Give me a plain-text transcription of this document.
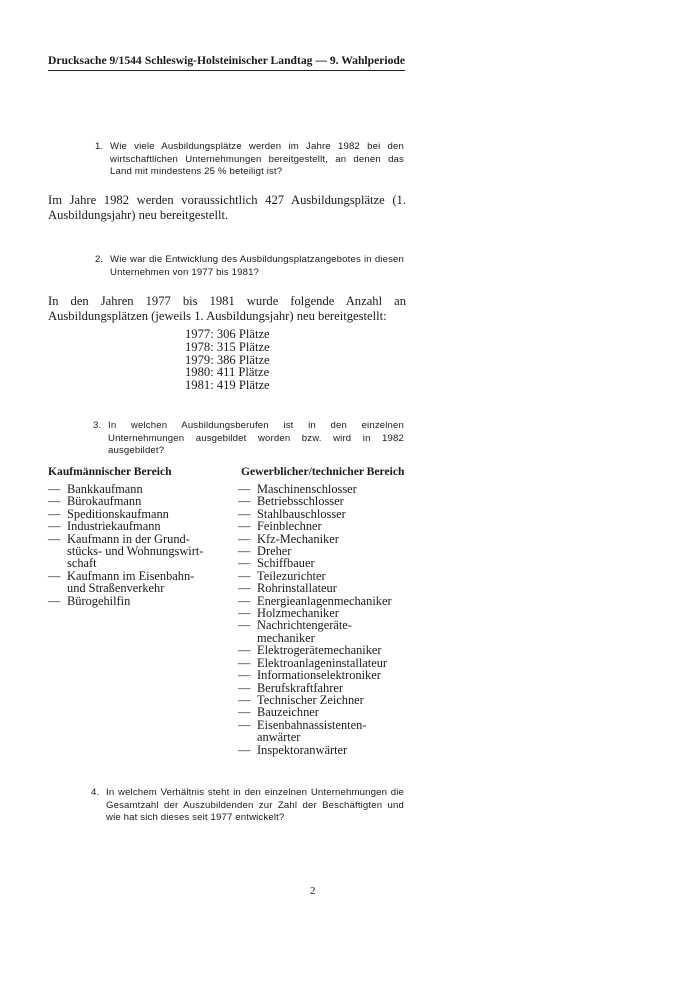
Drucksache 9/1544 Schleswig-Holsteinischer Landtag — 9. Wahlperiode
1. Wie viele Ausbildungsplätze werden im Jahre 1982 bei den wirtschaftlichen Unternehmungen bereitgestellt, an denen das Land mit mindestens 25 % beteiligt ist?
Im Jahre 1982 werden voraussichtlich 427 Ausbildungsplätze (1. Ausbildungsjahr) neu bereitgestellt.
2. Wie war die Entwicklung des Ausbildungsplatzangebotes in diesen Unternehmen von 1977 bis 1981?
In den Jahren 1977 bis 1981 wurde folgende Anzahl an Ausbildungsplätzen (jeweils 1. Ausbildungsjahr) neu bereitgestellt:
1977: 306 Plätze
1978: 315 Plätze
1979: 386 Plätze
1980: 411 Plätze
1981: 419 Plätze
3. In welchen Ausbildungsberufen ist in den einzelnen Unternehmungen ausgebildet worden bzw. wird in 1982 ausgebildet?
Kaufmännischer Bereich
— Bankkaufmann
— Bürokaufmann
— Speditionskaufmann
— Industriekaufmann
— Kaufmann in der Grund-
stücks- und Wohnungswirt-
schaft
— Kaufmann im Eisenbahn-
und Straßenverkehr
— Bürogehilfin
Gewerblicher/technicher Bereich
— Maschinenschlosser
— Betriebsschlosser
— Stahlbauschlosser
— Feinblechner
— Kfz-Mechaniker
— Dreher
— Schiffbauer
— Teilezurichter
— Rohrinstallateur
— Energieanlagenmechaniker
— Holzmechaniker
— Nachrichtengeräte-
mechaniker
— Elektrogerätemechaniker
— Elektroanlageninstallateur
— Informationselektroniker
— Berufskraftfahrer
— Technischer Zeichner
— Bauzeichner
— Eisenbahnassistenten-
anwärter
— Inspektoranwärter
4. In welchem Verhältnis steht in den einzelnen Unternehmungen die Gesamtzahl der Auszubildenden zur Zahl der Beschäftigten und wie hat sich dieses seit 1977 entwickelt?
2
